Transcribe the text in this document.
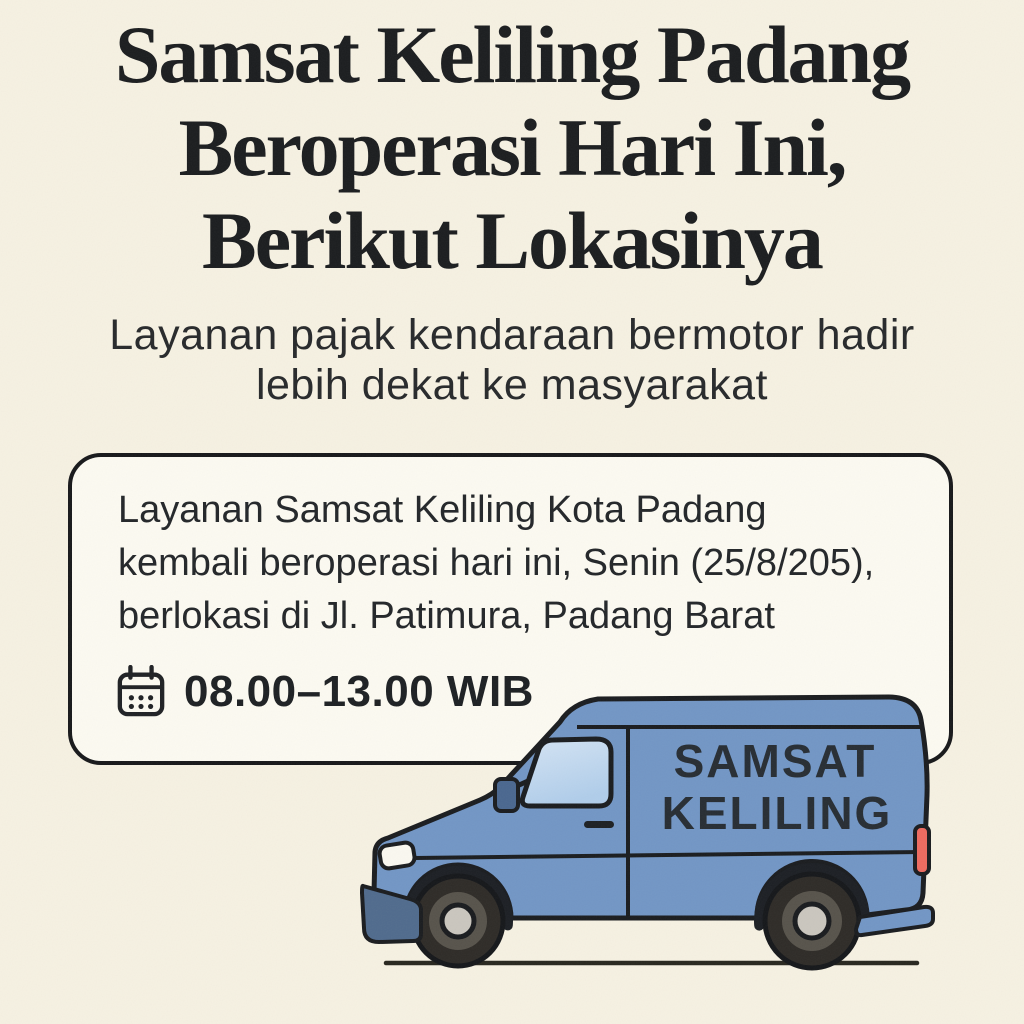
Samsat Keliling Padang
Beroperasi Hari Ini,
Berikut Lokasinya
Layanan pajak kendaraan bermotor hadir
lebih dekat ke masyarakat
Layanan Samsat Keliling Kota Padang
kembali beroperasi hari ini, Senin (25/8/205),
berlokasi di Jl. Patimura, Padang Barat
08.00–13.00 WIB
SAMSAT
KELILING
